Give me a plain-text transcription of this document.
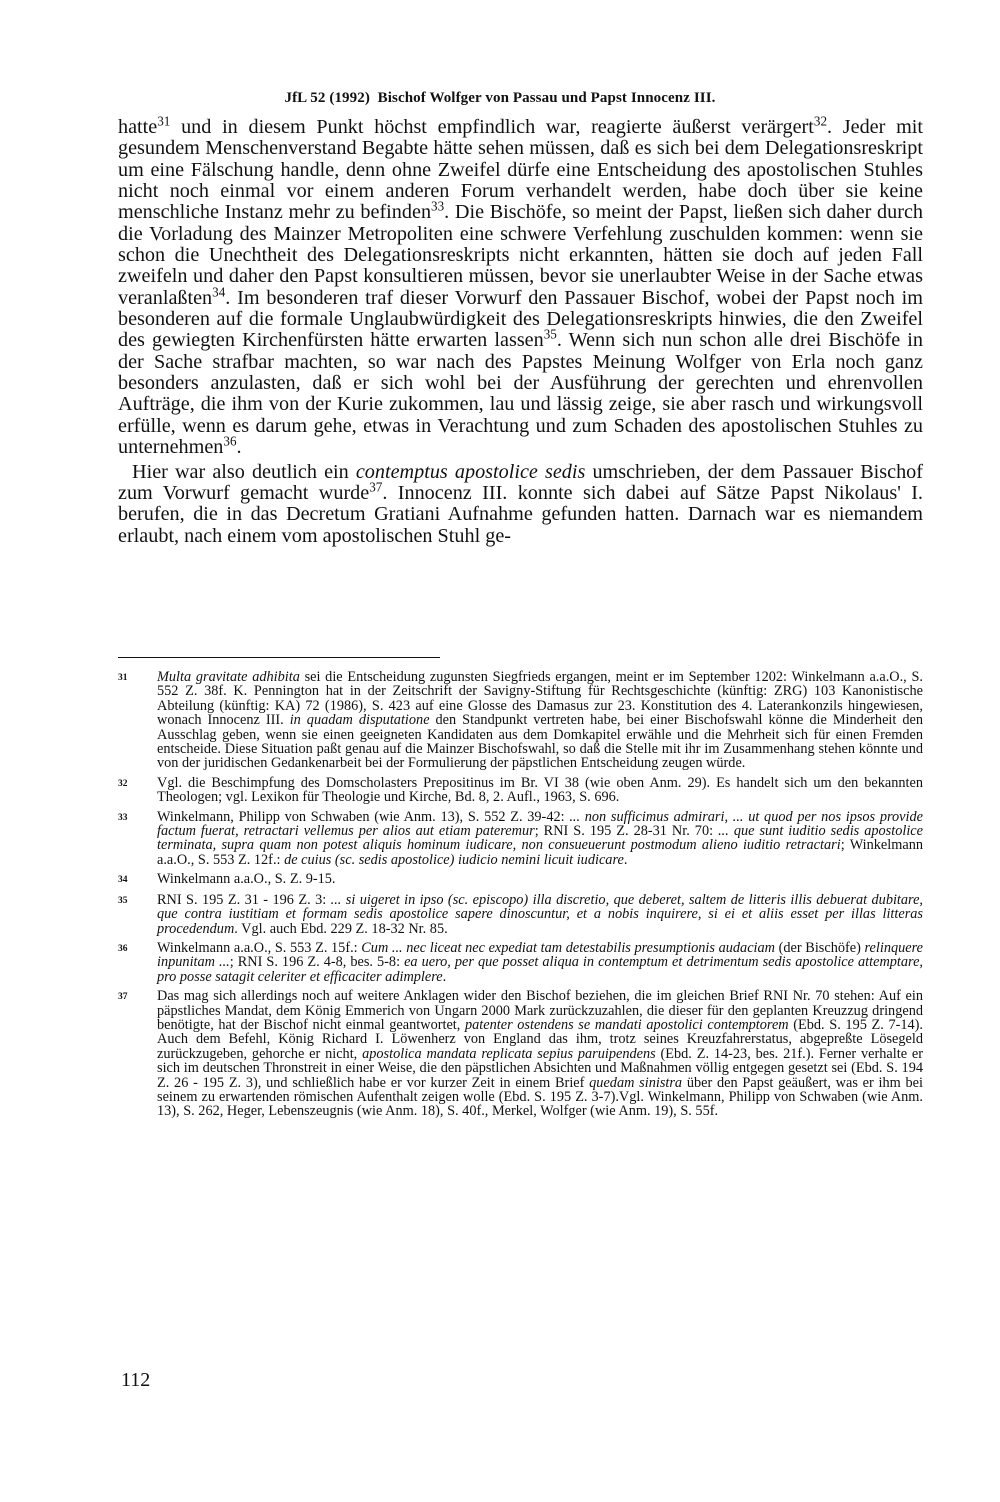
JfL 52 (1992) Bischof Wolfger von Passau und Papst Innocenz III.

hatte$^{31}$ und in diesem Punkt höchst empfindlich war, reagierte äußerst verärgert$^{32}$. Jeder mit gesundem Menschenverstand Begabte hätte sehen müssen, daß es sich bei dem Delegationsreskript um eine Fälschung handle, denn ohne Zweifel dürfe eine Entscheidung des apostolischen Stuhles nicht noch einmal vor einem anderen Forum verhandelt werden, habe doch über sie keine menschliche Instanz mehr zu befinden$^{33}$. Die Bischöfe, so meint der Papst, ließen sich daher durch die Vorladung des Mainzer Metropoliten eine schwere Verfehlung zuschulden kommen: wenn sie schon die Unechtheit des Delegationsreskripts nicht erkannten, hätten sie doch auf jeden Fall zweifeln und daher den Papst konsultieren müssen, bevor sie unerlaubter Weise in der Sache etwas veranlaßten$^{34}$. Im besonderen traf dieser Vorwurf den Passauer Bischof, wobei der Papst noch im besonderen auf die formale Unglaubwürdigkeit des Delegationsreskripts hinwies, die den Zweifel des gewiegten Kirchenfürsten hätte erwarten lassen$^{35}$. Wenn sich nun schon alle drei Bischöfe in der Sache strafbar machten, so war nach des Papstes Meinung Wolfger von Erla noch ganz besonders anzulasten, daß er sich wohl bei der Ausführung der gerechten und ehrenvollen Aufträge, die ihm von der Kurie zukommen, lau und lässig zeige, sie aber rasch und wirkungsvoll erfülle, wenn es darum gehe, etwas in Verachtung und zum Schaden des apostolischen Stuhles zu unternehmen$^{36}$.

Hier war also deutlich ein contemptus apostolice sedis umschrieben, der dem Passauer Bischof zum Vorwurf gemacht wurde$^{37}$. Innocenz III. konnte sich dabei auf Sätze Papst Nikolaus' I. berufen, die in das Decretum Gratiani Aufnahme gefunden hatten. Darnach war es niemandem erlaubt, nach einem vom apostolischen Stuhl ge-

31	Multa gravitate adhibita sei die Entscheidung zugunsten Siegfrieds ergangen, meint er im September 1202: Winkelmann a.a.O., S. 552 Z. 38f. K. Pennington hat in der Zeitschrift der Savigny-Stiftung für Rechtsgeschichte (künftig: ZRG) 103 Kanonistische Abteilung (künftig: KA) 72 (1986), S. 423 auf eine Glosse des Damasus zur 23. Konstitution des 4. Laterankonzils hingewiesen, wonach Innocenz III. in quadam disputatione den Standpunkt vertreten habe, bei einer Bischofswahl könne die Minderheit den Ausschlag geben, wenn sie einen geeigneten Kandidaten aus dem Domkapitel erwähle und die Mehrheit sich für einen Fremden entscheide. Diese Situation paßt genau auf die Mainzer Bischofswahl, so daß die Stelle mit ihr im Zusammenhang stehen könnte und von der juridischen Gedankenarbeit bei der Formulierung der päpstlichen Entscheidung zeugen würde.
32	Vgl. die Beschimpfung des Domscholasters Prepositinus im Br. VI 38 (wie oben Anm. 29). Es handelt sich um den bekannten Theologen; vgl. Lexikon für Theologie und Kirche, Bd. 8, 2. Aufl., 1963, S. 696.
33	Winkelmann, Philipp von Schwaben (wie Anm. 13), S. 552 Z. 39-42: ... non sufficimus admirari, ... ut quod per nos ipsos provide factum fuerat, retractari vellemus per alios aut etiam pateremur; RNI S. 195 Z. 28-31 Nr. 70: ... que sunt iuditio sedis apostolice terminata, supra quam non potest aliquis hominum iudicare, non consueuerunt postmodum alieno iuditio retractari; Winkelmann a.a.O., S. 553 Z. 12f.: de cuius (sc. sedis apostolice) iudicio nemini licuit iudicare.
34	Winkelmann a.a.O., S. Z. 9-15.
35	RNI S. 195 Z. 31 - 196 Z. 3: ... si uigeret in ipso (sc. episcopo) illa discretio, que deberet, saltem de litteris illis debuerat dubitare, que contra iustitiam et formam sedis apostolice sapere dinoscuntur, et a nobis inquirere, si ei et aliis esset per illas litteras procedendum. Vgl. auch Ebd. 229 Z. 18-32 Nr. 85.
36	Winkelmann a.a.O., S. 553 Z. 15f.: Cum ... nec liceat nec expediat tam detestabilis presumptionis audaciam (der Bischöfe) relinquere inpunitam ...; RNI S. 196 Z. 4-8, bes. 5-8: ea uero, per que posset aliqua in contemptum et detrimentum sedis apostolice attemptare, pro posse satagit celeriter et efficaciter adimplere.
37	Das mag sich allerdings noch auf weitere Anklagen wider den Bischof beziehen, die im gleichen Brief RNI Nr. 70 stehen: Auf ein päpstliches Mandat, dem König Emmerich von Ungarn 2000 Mark zurückzuzahlen, die dieser für den geplanten Kreuzzug dringend benötigte, hat der Bischof nicht einmal geantwortet, patenter ostendens se mandati apostolici contemptorem (Ebd. S. 195 Z. 7-14). Auch dem Befehl, König Richard I. Löwenherz von England das ihm, trotz seines Kreuzfahrerstatus, abgepreßte Lösegeld zurückzugeben, gehorche er nicht, apostolica mandata replicata sepius paruipendens (Ebd. Z. 14-23, bes. 21f.). Ferner verhalte er sich im deutschen Thronstreit in einer Weise, die den päpstlichen Absichten und Maßnahmen völlig entgegen gesetzt sei (Ebd. S. 194 Z. 26 - 195 Z. 3), und schließlich habe er vor kurzer Zeit in einem Brief quedam sinistra über den Papst geäußert, was er ihm bei seinem zu erwartenden römischen Aufenthalt zeigen wolle (Ebd. S. 195 Z. 3-7).Vgl. Winkelmann, Philipp von Schwaben (wie Anm. 13), S. 262, Heger, Lebenszeugnis (wie Anm. 18), S. 40f., Merkel, Wolfger (wie Anm. 19), S. 55f.
112
